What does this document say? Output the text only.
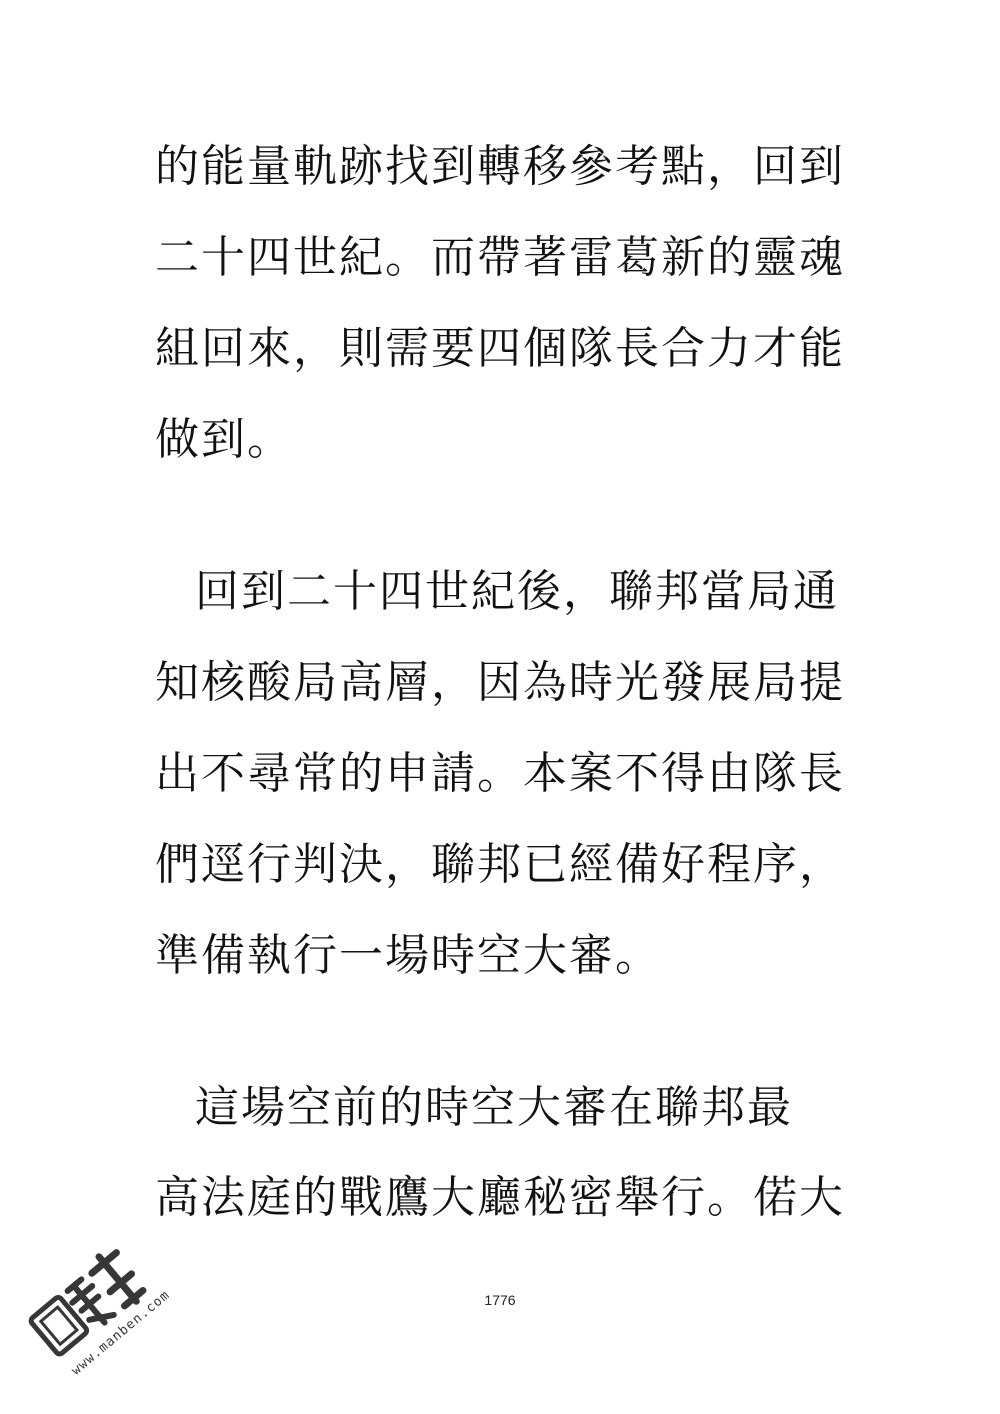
的能量軌跡找到轉移參考點，回到
二十四世紀。而帶著雷葛新的靈魂
組回來，則需要四個隊長合力才能
做到。
回到二十四世紀後，聯邦當局通
知核酸局高層，因為時光發展局提
出不尋常的申請。本案不得由隊長
們逕行判決，聯邦已經備好程序，
準備執行一場時空大審。
這場空前的時空大審在聯邦最
高法庭的戰鷹大廳秘密舉行。偌大
1776
www.manben.com
